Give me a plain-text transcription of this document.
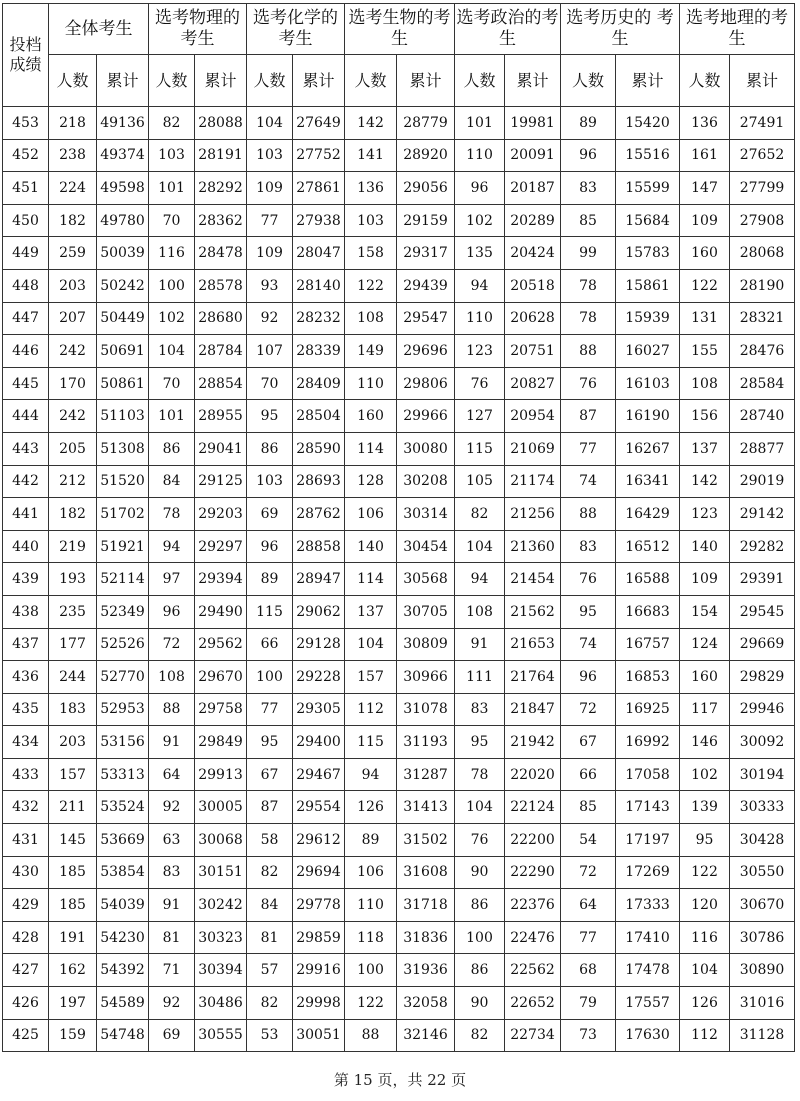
投档成绩	全体考生		选考物理的考生		选考化学的考生		选考生物的考生		选考政治的考生		选考历史的 考生		选考地理的考生	
	人数	累计	人数	累计	人数	累计	人数	累计	人数	累计	人数	累计	人数	累计
453	218	49136	82	28088	104	27649	142	28779	101	19981	89	15420	136	27491
452	238	49374	103	28191	103	27752	141	28920	110	20091	96	15516	161	27652
451	224	49598	101	28292	109	27861	136	29056	96	20187	83	15599	147	27799
450	182	49780	70	28362	77	27938	103	29159	102	20289	85	15684	109	27908
449	259	50039	116	28478	109	28047	158	29317	135	20424	99	15783	160	28068
448	203	50242	100	28578	93	28140	122	29439	94	20518	78	15861	122	28190
447	207	50449	102	28680	92	28232	108	29547	110	20628	78	15939	131	28321
446	242	50691	104	28784	107	28339	149	29696	123	20751	88	16027	155	28476
445	170	50861	70	28854	70	28409	110	29806	76	20827	76	16103	108	28584
444	242	51103	101	28955	95	28504	160	29966	127	20954	87	16190	156	28740
443	205	51308	86	29041	86	28590	114	30080	115	21069	77	16267	137	28877
442	212	51520	84	29125	103	28693	128	30208	105	21174	74	16341	142	29019
441	182	51702	78	29203	69	28762	106	30314	82	21256	88	16429	123	29142
440	219	51921	94	29297	96	28858	140	30454	104	21360	83	16512	140	29282
439	193	52114	97	29394	89	28947	114	30568	94	21454	76	16588	109	29391
438	235	52349	96	29490	115	29062	137	30705	108	21562	95	16683	154	29545
437	177	52526	72	29562	66	29128	104	30809	91	21653	74	16757	124	29669
436	244	52770	108	29670	100	29228	157	30966	111	21764	96	16853	160	29829
435	183	52953	88	29758	77	29305	112	31078	83	21847	72	16925	117	29946
434	203	53156	91	29849	95	29400	115	31193	95	21942	67	16992	146	30092
433	157	53313	64	29913	67	29467	94	31287	78	22020	66	17058	102	30194
432	211	53524	92	30005	87	29554	126	31413	104	22124	85	17143	139	30333
431	145	53669	63	30068	58	29612	89	31502	76	22200	54	17197	95	30428
430	185	53854	83	30151	82	29694	106	31608	90	22290	72	17269	122	30550
429	185	54039	91	30242	84	29778	110	31718	86	22376	64	17333	120	30670
428	191	54230	81	30323	81	29859	118	31836	100	22476	77	17410	116	30786
427	162	54392	71	30394	57	29916	100	31936	86	22562	68	17478	104	30890
426	197	54589	92	30486	82	29998	122	32058	90	22652	79	17557	126	31016
425	159	54748	69	30555	53	30051	88	32146	82	22734	73	17630	112	31128
第 15 页，共 22 页
